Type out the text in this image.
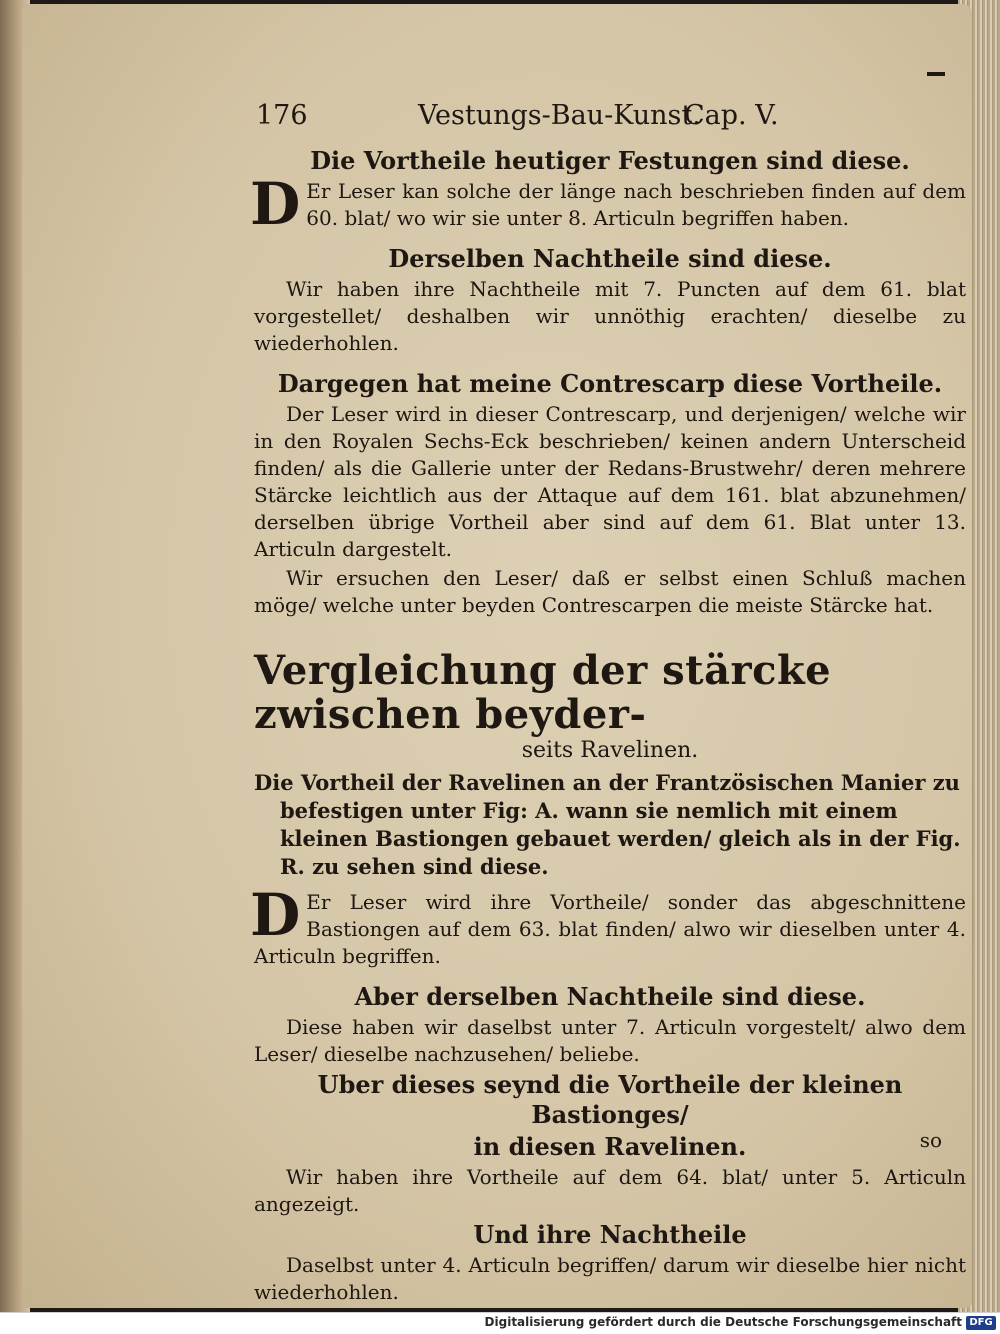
176	Vestungs-Bau-Kunst.
Cap. V.
Die Vortheile heutiger Festungen sind diese.

D Er Leser kan solche der länge nach beschrieben finden auf dem 60. blat/ wo wir sie unter 8. Articuln begriffen haben.

Derselben Nachtheile sind diese.

Wir haben ihre Nachtheile mit 7. Puncten auf dem 61. blat vorgestellet/ deshalben wir unnöthig erachten/ dieselbe zu wiederhohlen.

Dargegen hat meine Contrescarp diese Vortheile.

Der Leser wird in dieser Contrescarp, und derjenigen/ welche wir in den Royalen Sechs-Eck beschrieben/ keinen andern Unterscheid finden/ als die Gallerie unter der Redans-Brustwehr/ deren mehrere Stärcke leichtlich aus der Attaque auf dem 161. blat abzunehmen/ derselben übrige Vortheil aber sind auf dem 61. Blat unter 13. Articuln dargestelt.

Wir ersuchen den Leser/ daß er selbst einen Schluß machen möge/ welche unter beyden Contrescarpen die meiste Stärcke hat.

Vergleichung der stärcke zwischen beyder-
seits Ravelinen.
Die Vortheil der Ravelinen an der Frantzösischen Manier zu befestigen unter Fig: A. wann sie nemlich mit einem kleinen Bastiongen gebauet werden/ gleich als in der Fig. R. zu sehen sind diese.

D Er Leser wird ihre Vortheile/ sonder das abgeschnittene Bastiongen auf dem 63. blat finden/ alwo wir dieselben unter 4. Articuln begriffen.

Aber derselben Nachtheile sind diese.

Diese haben wir daselbst unter 7. Articuln vorgestelt/ alwo dem Leser/ dieselbe nachzusehen/ beliebe.

Uber dieses seynd die Vortheile der kleinen Bastionges/
in diesen Ravelinen.

Wir haben ihre Vortheile auf dem 64. blat/ unter 5. Articuln angezeigt.

Und ihre Nachtheile

Daselbst unter 4. Articuln begriffen/ darum wir dieselbe hier nicht wiederhohlen.

so
Digitalisierung gefördert durch die Deutsche Forschungsgemeinschaft DFG
